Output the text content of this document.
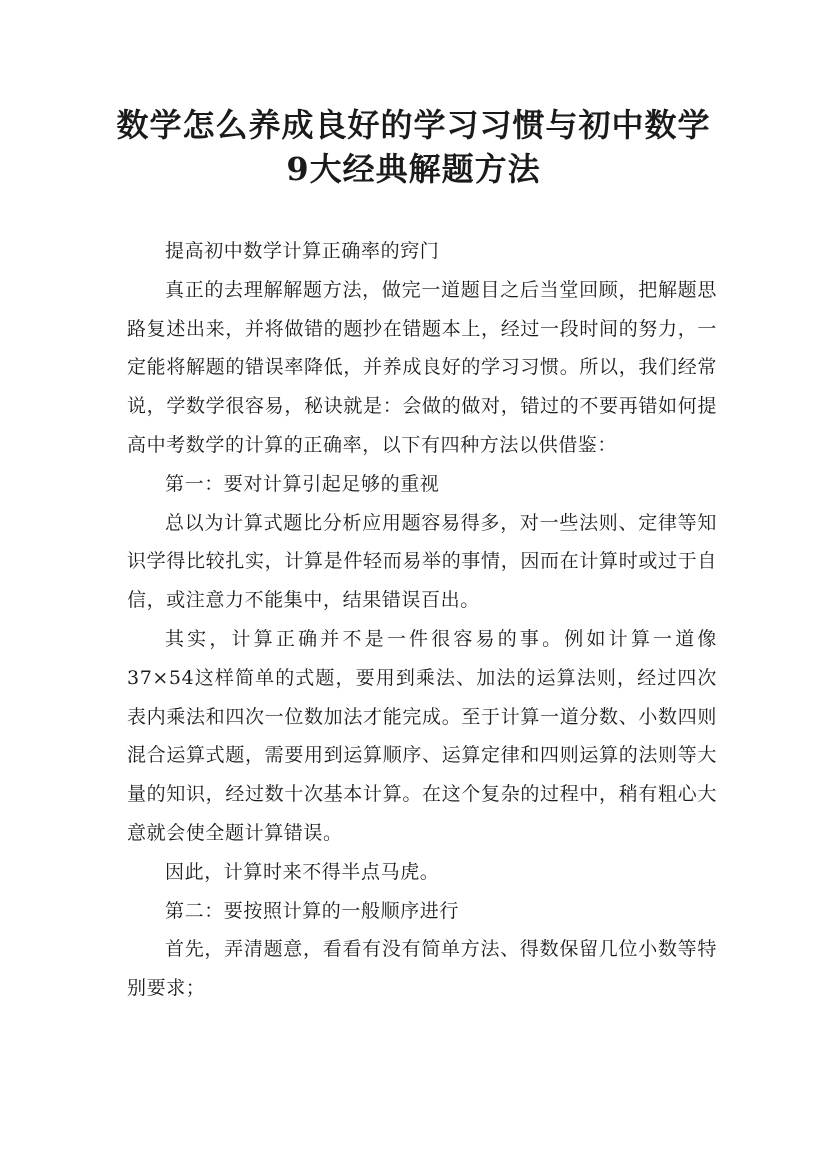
数学怎么养成良好的学习习惯与初中数学
9大经典解题方法

提高初中数学计算正确率的窍门

真正的去理解解题方法，做完一道题目之后当堂回顾，把解题思路复述出来，并将做错的题抄在错题本上，经过一段时间的努力，一定能将解题的错误率降低，并养成良好的学习习惯。所以，我们经常说，学数学很容易，秘诀就是：会做的做对，错过的不要再错如何提高中考数学的计算的正确率，以下有四种方法以供借鉴：

第一：要对计算引起足够的重视

总以为计算式题比分析应用题容易得多，对一些法则、定律等知识学得比较扎实，计算是件轻而易举的事情，因而在计算时或过于自信，或注意力不能集中，结果错误百出。

其实，计算正确并不是一件很容易的事。例如计算一道像37×54这样简单的式题，要用到乘法、加法的运算法则，经过四次表内乘法和四次一位数加法才能完成。至于计算一道分数、小数四则混合运算式题，需要用到运算顺序、运算定律和四则运算的法则等大量的知识，经过数十次基本计算。在这个复杂的过程中，稍有粗心大意就会使全题计算错误。

因此，计算时来不得半点马虎。

第二：要按照计算的一般顺序进行

首先，弄清题意，看看有没有简单方法、得数保留几位小数等特别要求；
